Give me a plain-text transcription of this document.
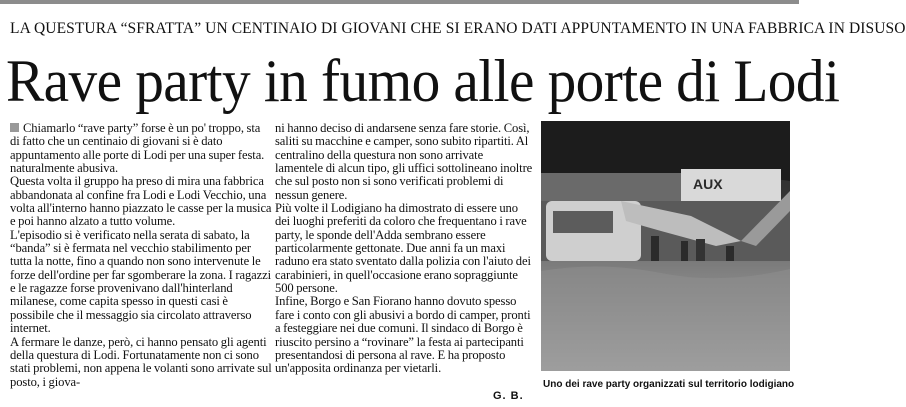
LA QUESTURA “SFRATTA” UN CENTINAIO DI GIOVANI CHE SI ERANO DATI APPUNTAMENTO IN UNA FABBRICA IN DISUSO
Rave party in fumo alle porte di Lodi

Chiamarlo “rave party” forse è un po' troppo, sta di fatto che un centinaio di giovani si è dato appuntamento alle porte di Lodi per una super festa. naturalmente abusiva.

Questa volta il gruppo ha preso di mira una fabbrica abbandonata al confine fra Lodi e Lodi Vecchio, una volta all'interno hanno piazzato le casse per la musica e poi hanno alzato a tutto volume.

L'episodio si è verificato nella serata di sabato, la “banda” si è fermata nel vecchio stabilimento per tutta la notte, fino a quando non sono intervenute le forze dell'ordine per far sgomberare la zona. I ragazzi e le ragazze forse provenivano dall'hinterland milanese, come capita spesso in questi casi è possibile che il messaggio sia circolato attraverso internet.

A fermare le danze, però, ci hanno pensato gli agenti della questura di Lodi. Fortunatamente non ci sono stati problemi, non appena le volanti sono arrivate sul posto, i giova-

ni hanno deciso di andarsene senza fare storie. Così, saliti su macchine e camper, sono subito ripartiti. Al centralino della questura non sono arrivate lamentele di alcun tipo, gli uffici sottolineano inoltre che sul posto non si sono verificati problemi di nessun genere.

Più volte il Lodigiano ha dimostrato di essere uno dei luoghi preferiti da coloro che frequentano i rave party, le sponde dell'Adda sembrano essere particolarmente gettonate. Due anni fa un maxi raduno era stato sventato dalla polizia con l'aiuto dei carabinieri, in quell'occasione erano sopraggiunte 500 persone.

Infine, Borgo e San Fiorano hanno dovuto spesso fare i conto con gli abusivi a bordo di camper, pronti a festeggiare nei due comuni. Il sindaco di Borgo è riuscito persino a “rovinare” la festa ai partecipanti presentandosi di persona al rave. E ha proposto un'apposita ordinanza per vietarli.

G. B.
AUX
Uno dei rave party organizzati sul territorio lodigiano
